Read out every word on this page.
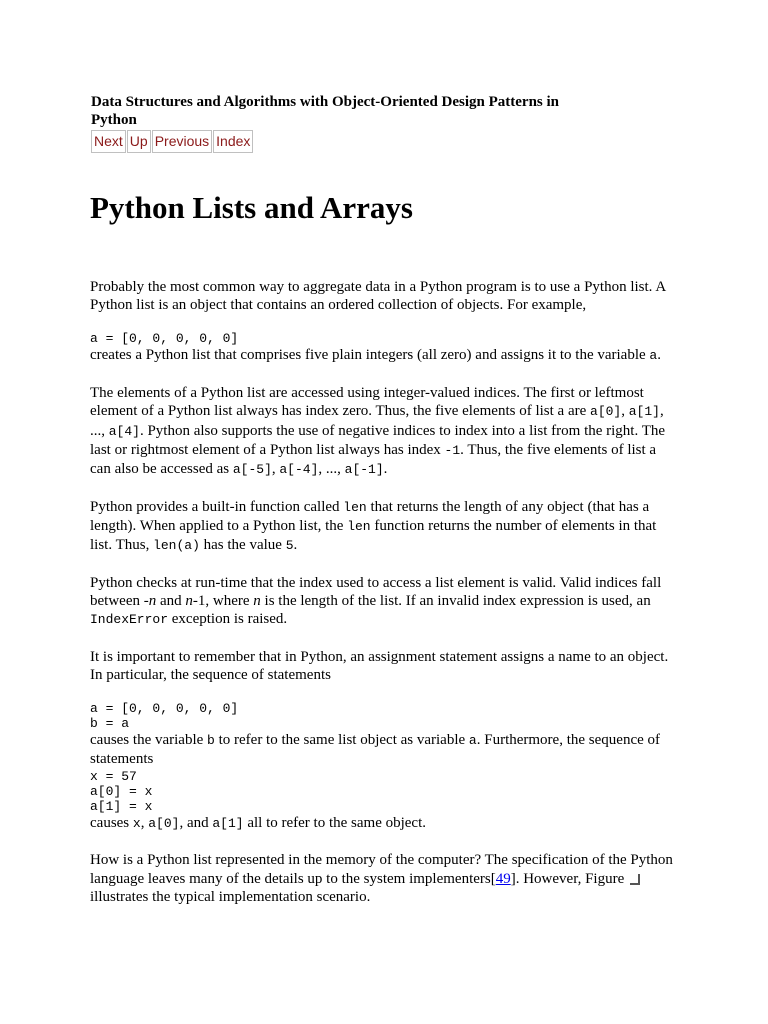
Data Structures and Algorithms with Object-Oriented Design Patterns in Python

Next Up Previous Index
Python Lists and Arrays

Probably the most common way to aggregate data in a Python program is to use a Python list. A Python list is an object that contains an ordered collection of objects. For example,

a = [0, 0, 0, 0, 0]

creates a Python list that comprises five plain integers (all zero) and assigns it to the variable a.

The elements of a Python list are accessed using integer-valued indices. The first or leftmost element of a Python list always has index zero. Thus, the five elements of list a are a[0], a[1], ..., a[4]. Python also supports the use of negative indices to index into a list from the right. The last or rightmost element of a Python list always has index -1. Thus, the five elements of list a can also be accessed as a[-5], a[-4], ..., a[-1].

Python provides a built-in function called len that returns the length of any object (that has a length). When applied to a Python list, the len function returns the number of elements in that list. Thus, len(a) has the value 5.

Python checks at run-time that the index used to access a list element is valid. Valid indices fall between -n and n-1, where n is the length of the list. If an invalid index expression is used, an IndexError exception is raised.

It is important to remember that in Python, an assignment statement assigns a name to an object. In particular, the sequence of statements

a = [0, 0, 0, 0, 0]
b = a

causes the variable b to refer to the same list object as variable a. Furthermore, the sequence of statements

x = 57
a[0] = x
a[1] = x

causes x, a[0], and a[1] all to refer to the same object.

How is a Python list represented in the memory of the computer? The specification of the Python language leaves many of the details up to the system implementers[49]. However, Figure  illustrates the typical implementation scenario.
